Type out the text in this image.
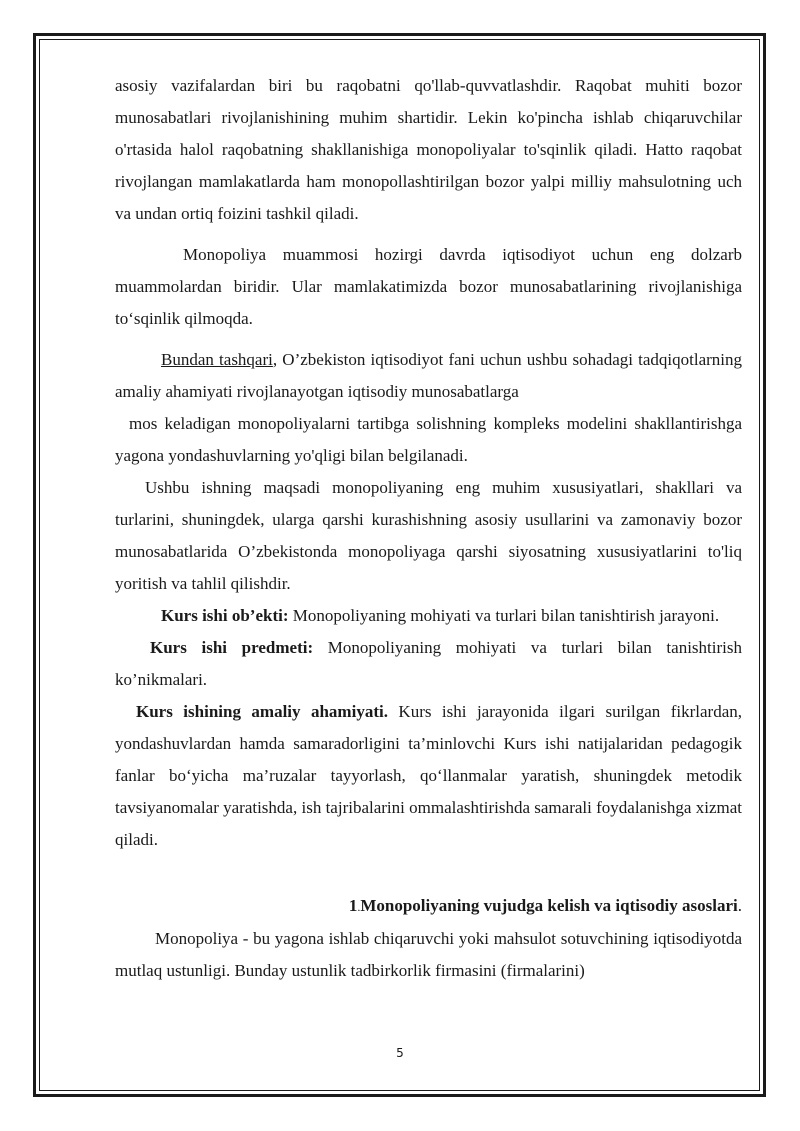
asosiy vazifalardan biri bu raqobatni qo'llab-quvvatlashdir. Raqobat muhiti bozor munosabatlari rivojlanishining muhim shartidir. Lekin ko'pincha ishlab chiqaruvchilar o'rtasida halol raqobatning shakllanishiga monopoliyalar to'sqinlik qiladi. Hatto raqobat rivojlangan mamlakatlarda ham monopollashtirilgan bozor yalpi milliy mahsulotning uch va undan ortiq foizini tashkil qiladi.

Monopoliya muammosi hozirgi davrda iqtisodiyot uchun eng dolzarb muammolardan biridir. Ular mamlakatimizda bozor munosabatlarining rivojlanishiga to‘sqinlik qilmoqda.

Bundan tashqari, O’zbekiston iqtisodiyot fani uchun ushbu sohadagi tadqiqotlarning amaliy ahamiyati rivojlanayotgan iqtisodiy munosabatlarga

mos keladigan monopoliyalarni tartibga solishning kompleks modelini shakllantirishga yagona yondashuvlarning yo'qligi bilan belgilanadi.

Ushbu ishning maqsadi monopoliyaning eng muhim xususiyatlari, shakllari va turlarini, shuningdek, ularga qarshi kurashishning asosiy usullarini va zamonaviy bozor munosabatlarida O’zbekistonda monopoliyaga qarshi siyosatning xususiyatlarini to'liq yoritish va tahlil qilishdir.

Kurs ishi ob’ekti: Monopoliyaning mohiyati va turlari bilan tanishtirish jarayoni.

Kurs ishi predmeti: Monopoliyaning mohiyati va turlari bilan tanishtirish ko’nikmalari.

Kurs ishining amaliy ahamiyati. Kurs ishi jarayonida ilgari surilgan fikrlardan, yondashuvlardan hamda samaradorligini ta’minlovchi Kurs ishi natijalaridan pedagogik fanlar bo‘yicha ma’ruzalar tayyorlash, qo‘llanmalar yaratish, shuningdek metodik tavsiyanomalar yaratishda, ish tajribalarini ommalashtirishda samarali foydalanishga xizmat qiladi.

1.Monopoliyaning vujudga kelish va iqtisodiy asoslari.

Monopoliya - bu yagona ishlab chiqaruvchi yoki mahsulot sotuvchining iqtisodiyotda mutlaq ustunligi. Bunday ustunlik tadbirkorlik firmasini (firmalarini)

5
